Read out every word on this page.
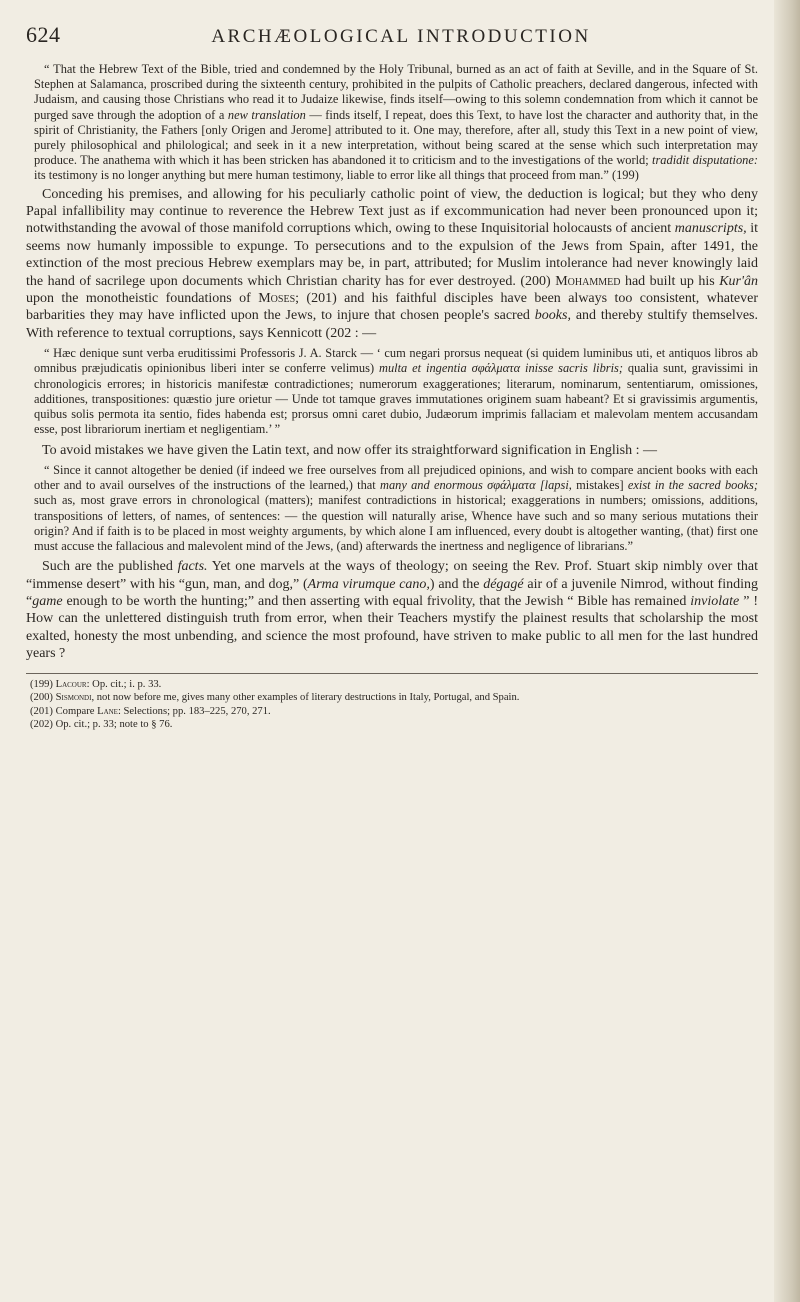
624	ARCHÆOLOGICAL INTRODUCTION

“ That the Hebrew Text of the Bible, tried and condemned by the Holy Tribunal, burned as an act of faith at Seville, and in the Square of St. Stephen at Salamanca, proscribed during the sixteenth century, prohibited in the pulpits of Catholic preachers, declared dangerous, infected with Judaism, and causing those Christians who read it to Judaize likewise, finds itself—owing to this solemn condemnation from which it cannot be purged save through the adoption of a new translation — finds itself, I repeat, does this Text, to have lost the character and authority that, in the spirit of Christianity, the Fathers [only Origen and Jerome] attributed to it. One may, therefore, after all, study this Text in a new point of view, purely philosophical and philological; and seek in it a new interpretation, without being scared at the sense which such interpretation may produce. The anathema with which it has been stricken has abandoned it to criticism and to the investigations of the world; tradidit disputatione: its testimony is no longer anything but mere human testimony, liable to error like all things that proceed from man.” (199)

Conceding his premises, and allowing for his peculiarly catholic point of view, the deduction is logical; but they who deny Papal infallibility may continue to reverence the Hebrew Text just as if excommunication had never been pronounced upon it; notwithstanding the avowal of those manifold corruptions which, owing to these Inquisitorial holocausts of ancient manuscripts, it seems now humanly impossible to expunge. To persecutions and to the expulsion of the Jews from Spain, after 1491, the extinction of the most precious Hebrew exemplars may be, in part, attributed; for Muslim intolerance had never knowingly laid the hand of sacrilege upon documents which Christian charity has for ever destroyed. (200) Mohammed had built up his Kur'ân upon the monotheistic foundations of Moses; (201) and his faithful disciples have been always too consistent, whatever barbarities they may have inflicted upon the Jews, to injure that chosen people's sacred books, and thereby stultify themselves. With reference to textual corruptions, says Kennicott (202 : —

“ Hæc denique sunt verba eruditissimi Professoris J. A. Starck — ‘ cum negari prorsus nequeat (si quidem luminibus uti, et antiquos libros ab omnibus præjudicatis opinionibus liberi inter se conferre velimus) multa et ingentia σφάλματα inisse sacris libris; qualia sunt, gravissimi in chronologicis errores; in historicis manifestæ contradictiones; numerorum exaggerationes; literarum, nominarum, sententiarum, omissiones, additiones, transpositiones: quæstio jure orietur — Unde tot tamque graves immutationes originem suam habeant? Et si gravissimis argumentis, quibus solis permota ita sentio, fides habenda est; prorsus omni caret dubio, Judæorum imprimis fallaciam et malevolam mentem accusandam esse, post librariorum inertiam et negligentiam.’ ”

To avoid mistakes we have given the Latin text, and now offer its straightforward signification in English : —

“ Since it cannot altogether be denied (if indeed we free ourselves from all prejudiced opinions, and wish to compare ancient books with each other and to avail ourselves of the instructions of the learned,) that many and enormous σφάλματα [lapsi, mistakes] exist in the sacred books; such as, most grave errors in chronological (matters); manifest contradictions in historical; exaggerations in numbers; omissions, additions, transpositions of letters, of names, of sentences: — the question will naturally arise, Whence have such and so many serious mutations their origin? And if faith is to be placed in most weighty arguments, by which alone I am influenced, every doubt is altogether wanting, (that) first one must accuse the fallacious and malevolent mind of the Jews, (and) afterwards the inertness and negligence of librarians.”

Such are the published facts. Yet one marvels at the ways of theology; on seeing the Rev. Prof. Stuart skip nimbly over that “immense desert” with his “gun, man, and dog,” (Arma virumque cano,) and the dégagé air of a juvenile Nimrod, without finding “game enough to be worth the hunting;” and then asserting with equal frivolity, that the Jewish “ Bible has remained inviolate ” ! How can the unlettered distinguish truth from error, when their Teachers mystify the plainest results that scholarship the most exalted, honesty the most unbending, and science the most profound, have striven to make public to all men for the last hundred years ?

(199) Lacour: Op. cit.; i. p. 33.

(200) Sismondi, not now before me, gives many other examples of literary destructions in Italy, Portugal, and Spain.

(201) Compare Lane: Selections; pp. 183–225, 270, 271.

(202) Op. cit.; p. 33; note to § 76.
